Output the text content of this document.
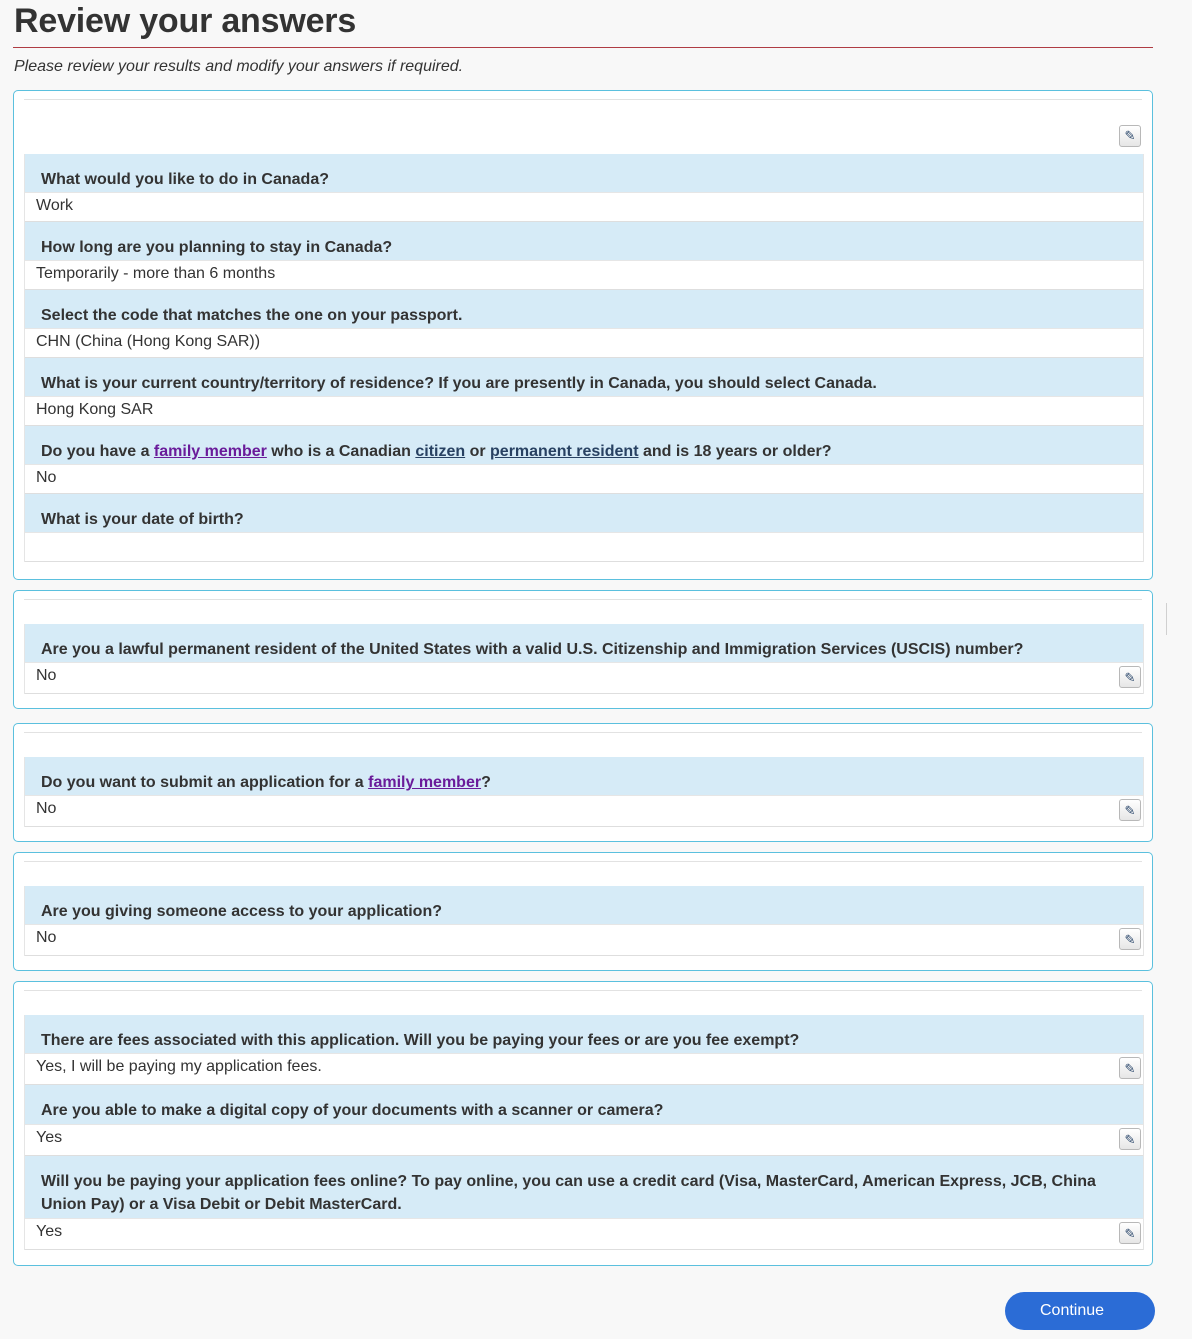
Review your answers
Please review your results and modify your answers if required.
✎
What would you like to do in Canada?
Work
How long are you planning to stay in Canada?
Temporarily - more than 6 months
Select the code that matches the one on your passport.
CHN (China (Hong Kong SAR))
What is your current country/territory of residence? If you are presently in Canada, you should select Canada.
Hong Kong SAR
Do you have a family member who is a Canadian citizen or permanent resident and is 18 years or older?
No
What is your date of birth?
Are you a lawful permanent resident of the United States with a valid U.S. Citizenship and Immigration Services (USCIS) number?
No	✎
Do you want to submit an application for a family member?
No	✎
Are you giving someone access to your application?
No	✎
There are fees associated with this application. Will you be paying your fees or are you fee exempt?
Yes, I will be paying my application fees.	✎
Are you able to make a digital copy of your documents with a scanner or camera?
Yes	✎
Will you be paying your application fees online? To pay online, you can use a credit card (Visa, MasterCard, American Express, JCB, China Union Pay) or a Visa Debit or Debit MasterCard.
Yes	✎
Continue
